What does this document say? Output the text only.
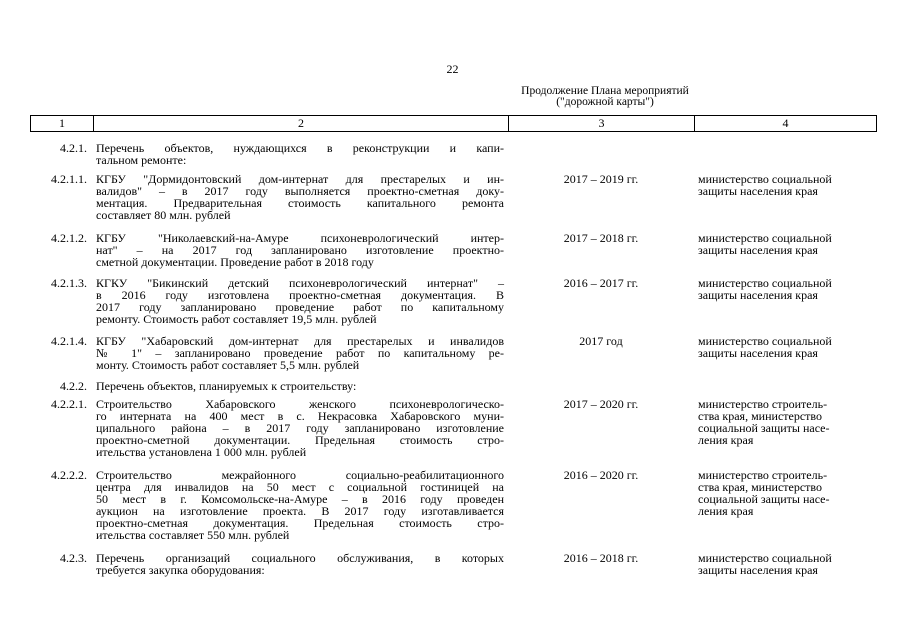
22
Продолжение Плана мероприятий
("дорожной карты")
1	2	3	4
4.2.1. Перечень объектов, нуждающихся в реконструкции и капи-
тальном ремонте:
4.2.1.1. КГБУ "Дормидонтовский дом-интернат для престарелых и ин-
валидов" – в 2017 году выполняется проектно-сметная доку-
ментация. Предварительная стоимость капитального ремонта
составляет 80 млн. рублей
2017 – 2019 гг.	министерство социальной
защиты населения края
4.2.1.2. КГБУ "Николаевский-на-Амуре психоневрологический интер-
нат" – на 2017 год запланировано изготовление проектно-
сметной документации. Проведение работ в 2018 году
2017 – 2018 гг.	министерство социальной
защиты населения края
4.2.1.3. КГКУ "Бикинский детский психоневрологический интернат" –
в 2016 году изготовлена проектно-сметная документация. В
2017 году запланировано проведение работ по капитальному
ремонту. Стоимость работ составляет 19,5 млн. рублей
2016 – 2017 гг.	министерство социальной
защиты населения края
4.2.1.4. КГБУ "Хабаровский дом-интернат для престарелых и инвалидов
№ 1" – запланировано проведение работ по капитальному ре-
монту. Стоимость работ составляет 5,5 млн. рублей
2017 год	министерство социальной
защиты населения края
4.2.2. Перечень объектов, планируемых к строительству:
4.2.2.1. Строительство Хабаровского женского психоневрологическо-
го интерната на 400 мест в с. Некрасовка Хабаровского муни-
ципального района – в 2017 году запланировано изготовление
проектно-сметной документации. Предельная стоимость стро-
ительства установлена 1 000 млн. рублей
2017 – 2020 гг.	министерство строитель-
ства края, министерство
социальной защиты насе-
ления края
4.2.2.2. Строительство межрайонного социально-реабилитационного
центра для инвалидов на 50 мест с социальной гостиницей на
50 мест в г. Комсомольске-на-Амуре – в 2016 году проведен
аукцион на изготовление проекта. В 2017 году изготавливается
проектно-сметная документация. Предельная стоимость стро-
ительства составляет 550 млн. рублей
2016 – 2020 гг.	министерство строитель-
ства края, министерство
социальной защиты насе-
ления края
4.2.3. Перечень организаций социального обслуживания, в которых
требуется закупка оборудования:
2016 – 2018 гг.	министерство социальной
защиты населения края
